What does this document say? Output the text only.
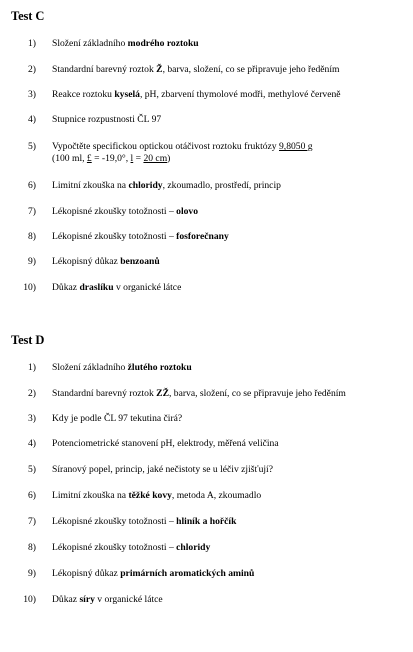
Test C
1) Složení základního modrého roztoku
2) Standardní barevný roztok Ž, barva, složení, co se připravuje jeho ředěním
3) Reakce roztoku kyselá, pH, zbarvení thymolové modři, methylové červeně
4) Stupnice rozpustnosti ČL 97
5) Vypočtěte specifickou optickou otáčivost roztoku fruktózy 9,8050 g
(100 ml, £ = -19,0°, l = 20 cm)
6) Limitní zkouška na chloridy, zkoumadlo, prostředí, princip
7) Lékopisné zkoušky totožnosti – olovo
8) Lékopisné zkoušky totožnosti – fosforečnany
9) Lékopisný důkaz benzoanů
10) Důkaz draslíku v organické látce
Test D
1) Složení základního žlutého roztoku
2) Standardní barevný roztok ZŽ, barva, složení, co se připravuje jeho ředěním
3) Kdy je podle ČL 97 tekutina čirá?
4) Potenciometrické stanovení pH, elektrody, měřená veličina
5) Síranový popel, princip, jaké nečistoty se u léčiv zjišťují?
6) Limitní zkouška na těžké kovy, metoda A, zkoumadlo
7) Lékopisné zkoušky totožnosti – hliník a hořčík
8) Lékopisné zkoušky totožnosti – chloridy
9) Lékopisný důkaz primárních aromatických aminů
10) Důkaz síry v organické látce
